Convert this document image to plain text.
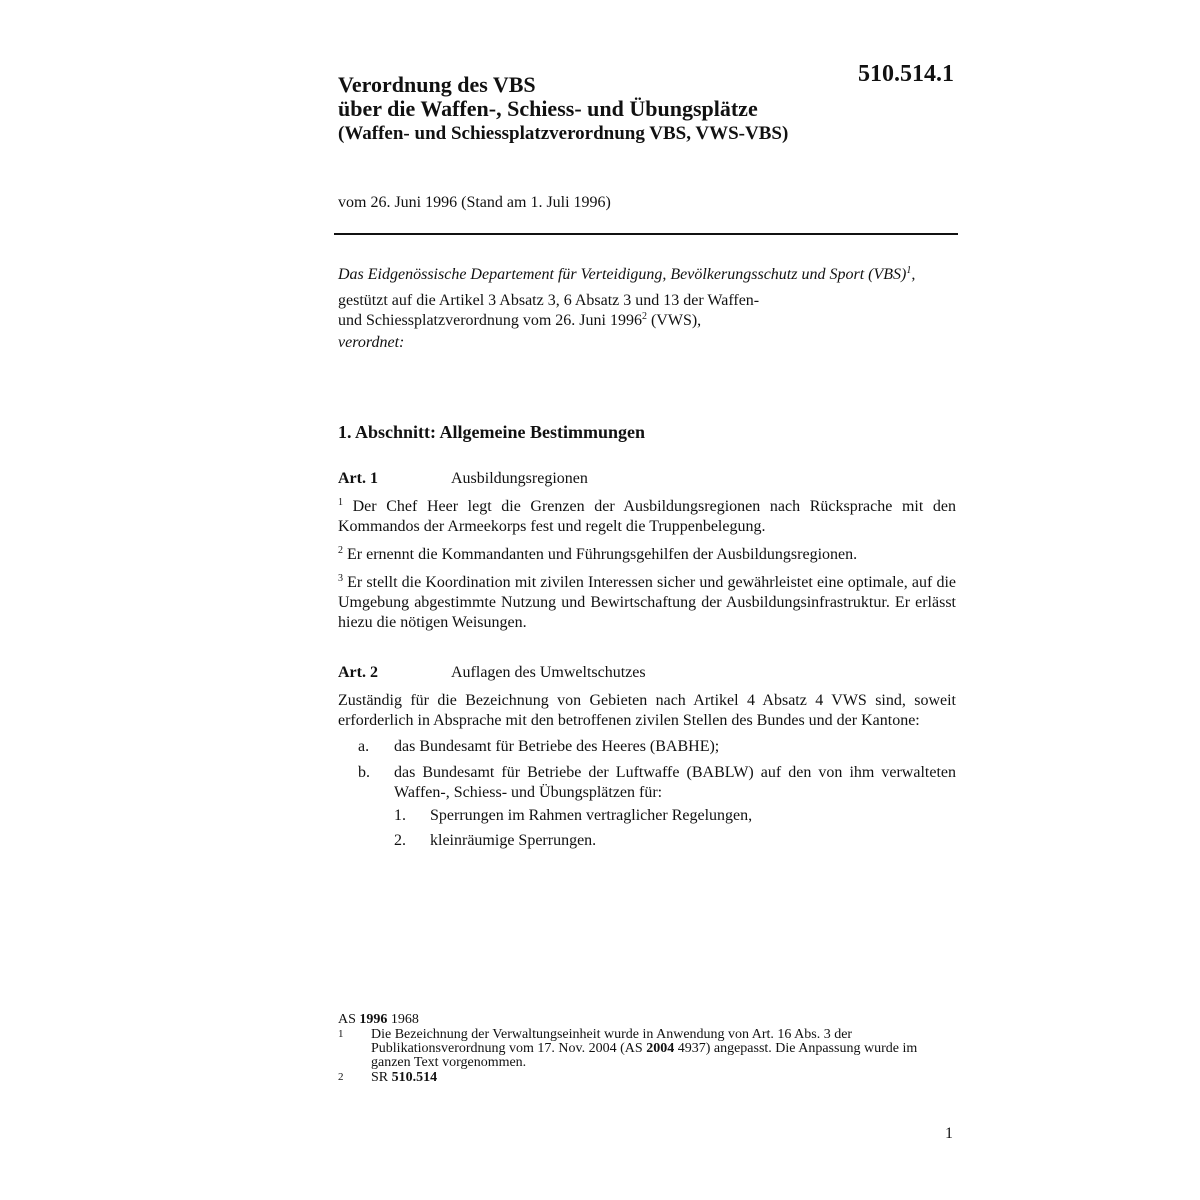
510.514.1
Verordnung des VBS
über die Waffen-, Schiess- und Übungsplätze
(Waffen- und Schiessplatzverordnung VBS, VWS-VBS)
vom 26. Juni 1996 (Stand am 1. Juli 1996)

Das Eidgenössische Departement für Verteidigung, Bevölkerungsschutz und Sport (VBS)$^1$,

gestützt auf die Artikel 3 Absatz 3, 6 Absatz 3 und 13 der Waffen-
und Schiessplatzverordnung vom 26. Juni 1996$^2$ (VWS),

verordnet:

1. Abschnitt: Allgemeine Bestimmungen
Art. 1	Ausbildungsregionen

$^1$ Der Chef Heer legt die Grenzen der Ausbildungsregionen nach Rücksprache mit den Kommandos der Armeekorps fest und regelt die Truppenbelegung.

$^2$ Er ernennt die Kommandanten und Führungsgehilfen der Ausbildungsregionen.

$^3$ Er stellt die Koordination mit zivilen Interessen sicher und gewährleistet eine optimale, auf die Umgebung abgestimmte Nutzung und Bewirtschaftung der Ausbildungsinfrastruktur. Er erlässt hiezu die nötigen Weisungen.

Art. 2	Auflagen des Umweltschutzes

Zuständig für die Bezeichnung von Gebieten nach Artikel 4 Absatz 4 VWS sind, soweit erforderlich in Absprache mit den betroffenen zivilen Stellen des Bundes und der Kantone:

a.	das Bundesamt für Betriebe des Heeres (BABHE);
b.	das Bundesamt für Betriebe der Luftwaffe (BABLW) auf den von ihm verwalteten Waffen-, Schiess- und Übungsplätzen für:
1.	Sperrungen im Rahmen vertraglicher Regelungen,
2.	kleinräumige Sperrungen.
AS 1996 1968
1	Die Bezeichnung der Verwaltungseinheit wurde in Anwendung von Art. 16 Abs. 3 der Publikationsverordnung vom 17. Nov. 2004 (AS 2004 4937) angepasst. Die Anpassung wurde im ganzen Text vorgenommen.
2	SR 510.514
1
